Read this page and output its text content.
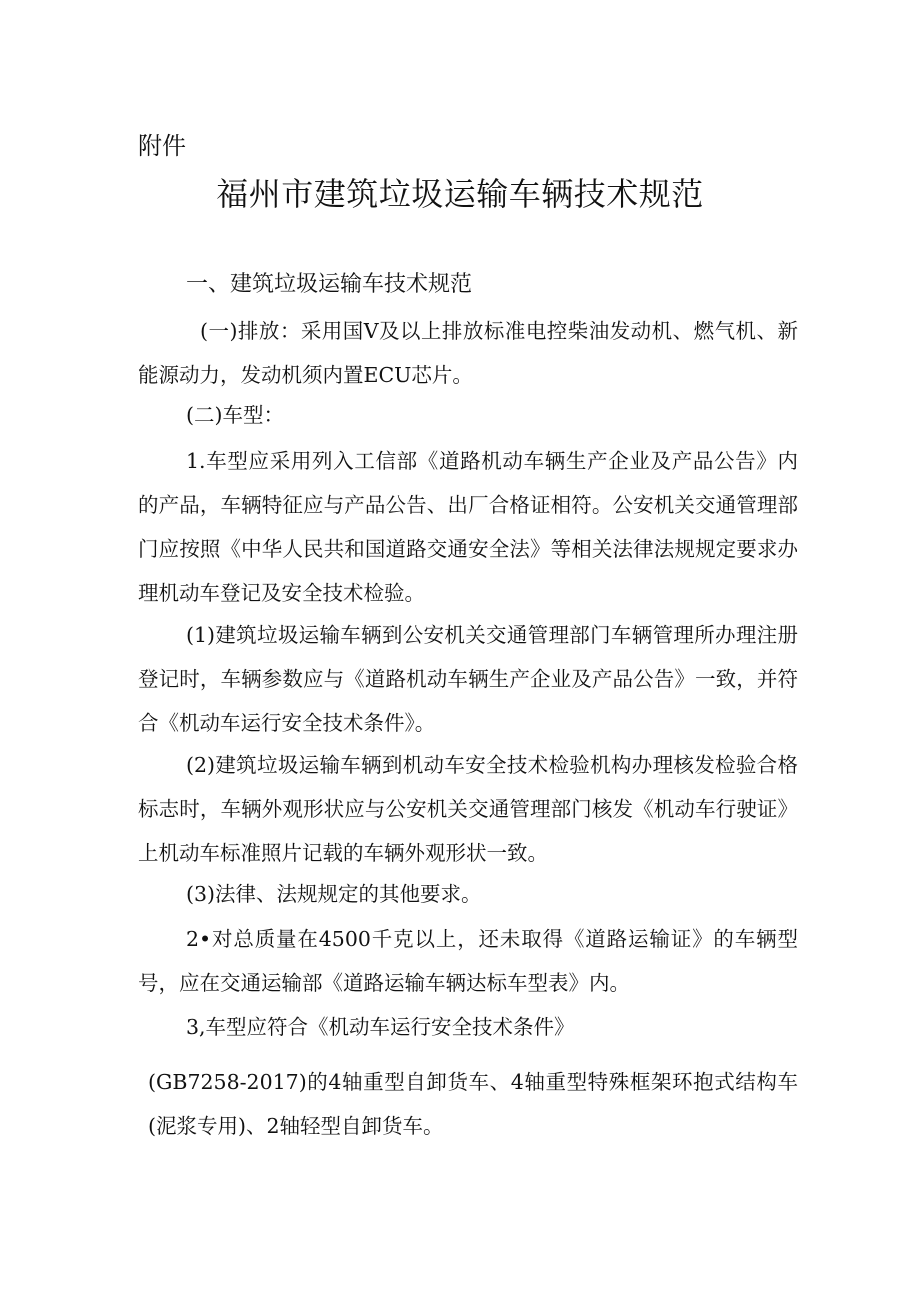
附件
福州市建筑垃圾运输车辆技术规范
一、建筑垃圾运输车技术规范
(一)排放：采用国V及以上排放标准电控柴油发动机、燃气机、新能源动力，发动机须内置ECU芯片。
(二)车型：
1.车型应采用列入工信部《道路机动车辆生产企业及产品公告》内的产品，车辆特征应与产品公告、出厂合格证相符。公安机关交通管理部门应按照《中华人民共和国道路交通安全法》等相关法律法规规定要求办理机动车登记及安全技术检验。
(1)建筑垃圾运输车辆到公安机关交通管理部门车辆管理所办理注册登记时，车辆参数应与《道路机动车辆生产企业及产品公告》一致，并符合《机动车运行安全技术条件》。
(2)建筑垃圾运输车辆到机动车安全技术检验机构办理核发检验合格标志时，车辆外观形状应与公安机关交通管理部门核发《机动车行驶证》上机动车标准照片记载的车辆外观形状一致。
(3)法律、法规规定的其他要求。
2•对总质量在4500千克以上，还未取得《道路运输证》的车辆型号，应在交通运输部《道路运输车辆达标车型表》内。
3,车型应符合《机动车运行安全技术条件》
(GB7258-2017)的4轴重型自卸货车、4轴重型特殊框架环抱式结构车(泥浆专用)、2轴轻型自卸货车。
